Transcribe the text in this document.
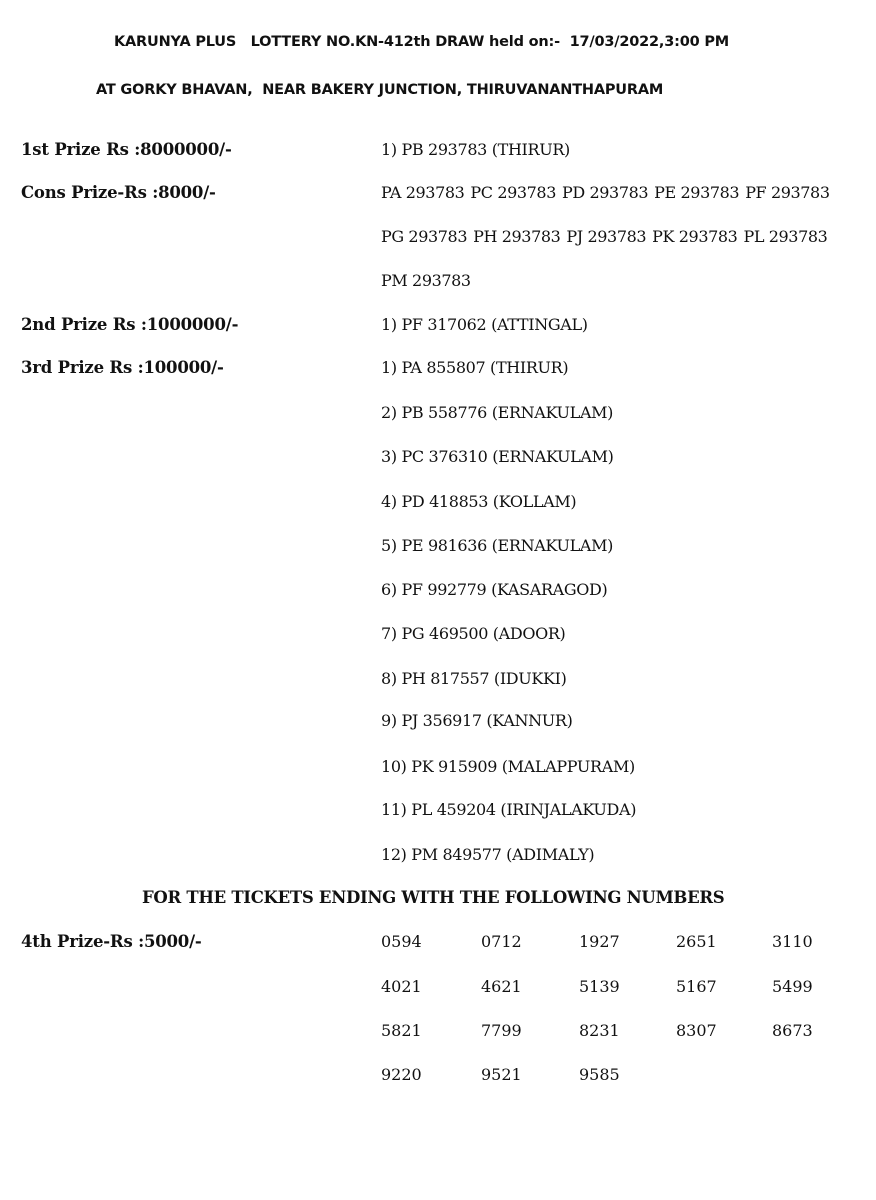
KARUNYA PLUS   LOTTERY NO.KN-412th DRAW held on:-  17/03/2022,3:00 PM
AT GORKY BHAVAN,  NEAR BAKERY JUNCTION, THIRUVANANTHAPURAM
1st Prize Rs :8000000/-	1) PB 293783 (THIRUR)
Cons Prize-Rs :8000/-	PA 293783 PC 293783 PD 293783 PE 293783 PF 293783
PG 293783 PH 293783 PJ 293783 PK 293783 PL 293783
PM 293783
2nd Prize Rs :1000000/-	1) PF 317062 (ATTINGAL)
3rd Prize Rs :100000/-	1) PA 855807 (THIRUR)
2) PB 558776 (ERNAKULAM)
3) PC 376310 (ERNAKULAM)
4) PD 418853 (KOLLAM)
5) PE 981636 (ERNAKULAM)
6) PF 992779 (KASARAGOD)
7) PG 469500 (ADOOR)
8) PH 817557 (IDUKKI)
9) PJ 356917 (KANNUR)
10) PK 915909 (MALAPPURAM)
11) PL 459204 (IRINJALAKUDA)
12) PM 849577 (ADIMALY)
FOR THE TICKETS ENDING WITH THE FOLLOWING NUMBERS
4th Prize-Rs :5000/-	0594	0712	1927	2651	3110
4021	4621	5139	5167	5499
5821	7799	8231	8307	8673
9220	9521	9585
